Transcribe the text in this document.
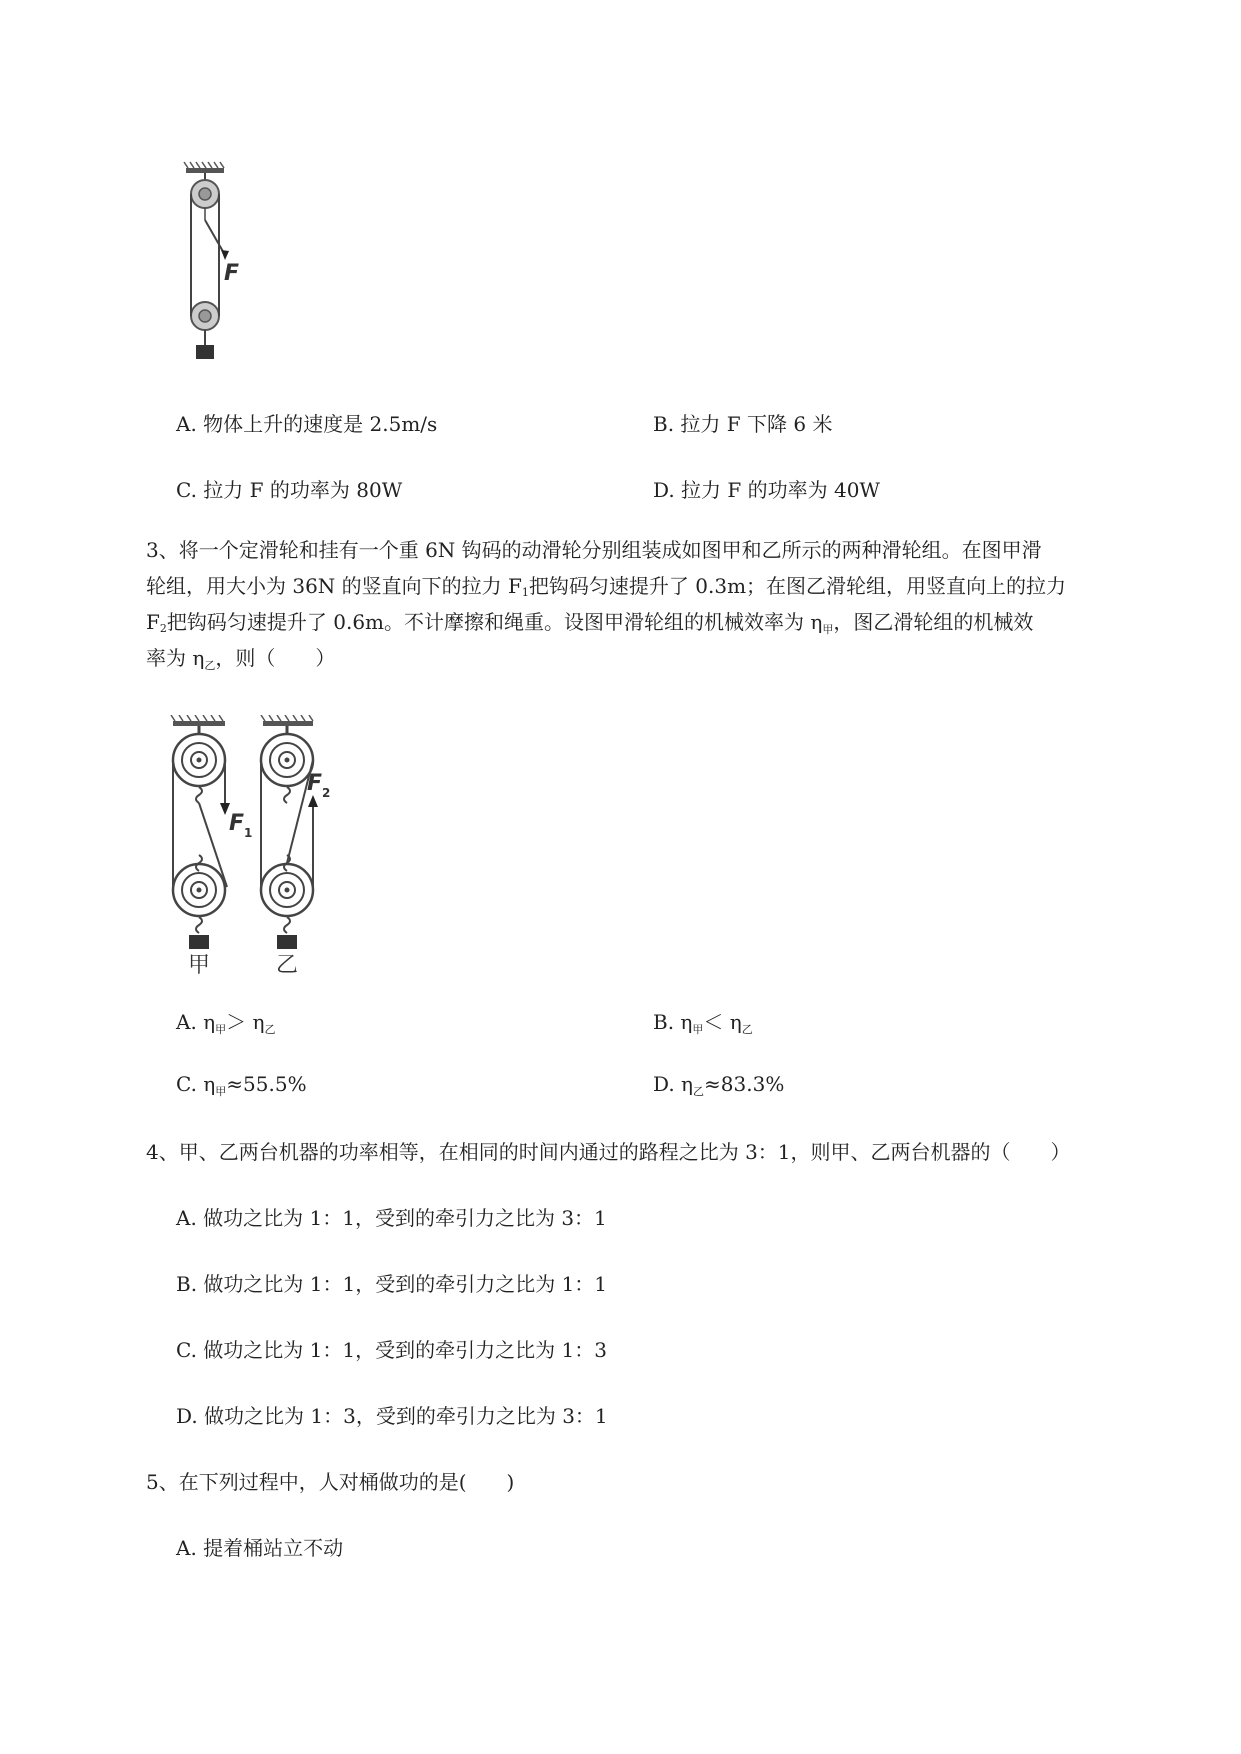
F
A. 物体上升的速度是 2.5m/s	B. 拉力 F 下降 6 米
C. 拉力 F 的功率为 80W	D. 拉力 F 的功率为 40W
3、将一个定滑轮和挂有一个重 6N 钩码的动滑轮分别组装成如图甲和乙所示的两种滑轮组。在图甲滑
轮组，用大小为 36N 的竖直向下的拉力 $F_1$把钩码匀速提升了 0.3m；在图乙滑轮组，用竖直向上的拉力
$F_2$把钩码匀速提升了 0.6m。不计摩擦和绳重。设图甲滑轮组的机械效率为 $\eta_甲$，图乙滑轮组的机械效
率为 $\eta_乙$，则（　　）
F 1
甲
F 2
乙
A. $\eta_甲> \eta_乙$	B. $\eta_甲< \eta_乙$
C. $\eta_甲\approx 55.5\%$	D. $\eta_乙\approx 83.3\%$
4、甲、乙两台机器的功率相等，在相同的时间内通过的路程之比为 3：1，则甲、乙两台机器的（　　）
A. 做功之比为 1：1，受到的牵引力之比为 3：1
B. 做功之比为 1：1，受到的牵引力之比为 1：1
C. 做功之比为 1：1，受到的牵引力之比为 1：3
D. 做功之比为 1：3，受到的牵引力之比为 3：1
5、在下列过程中，人对桶做功的是(　　)
A. 提着桶站立不动
